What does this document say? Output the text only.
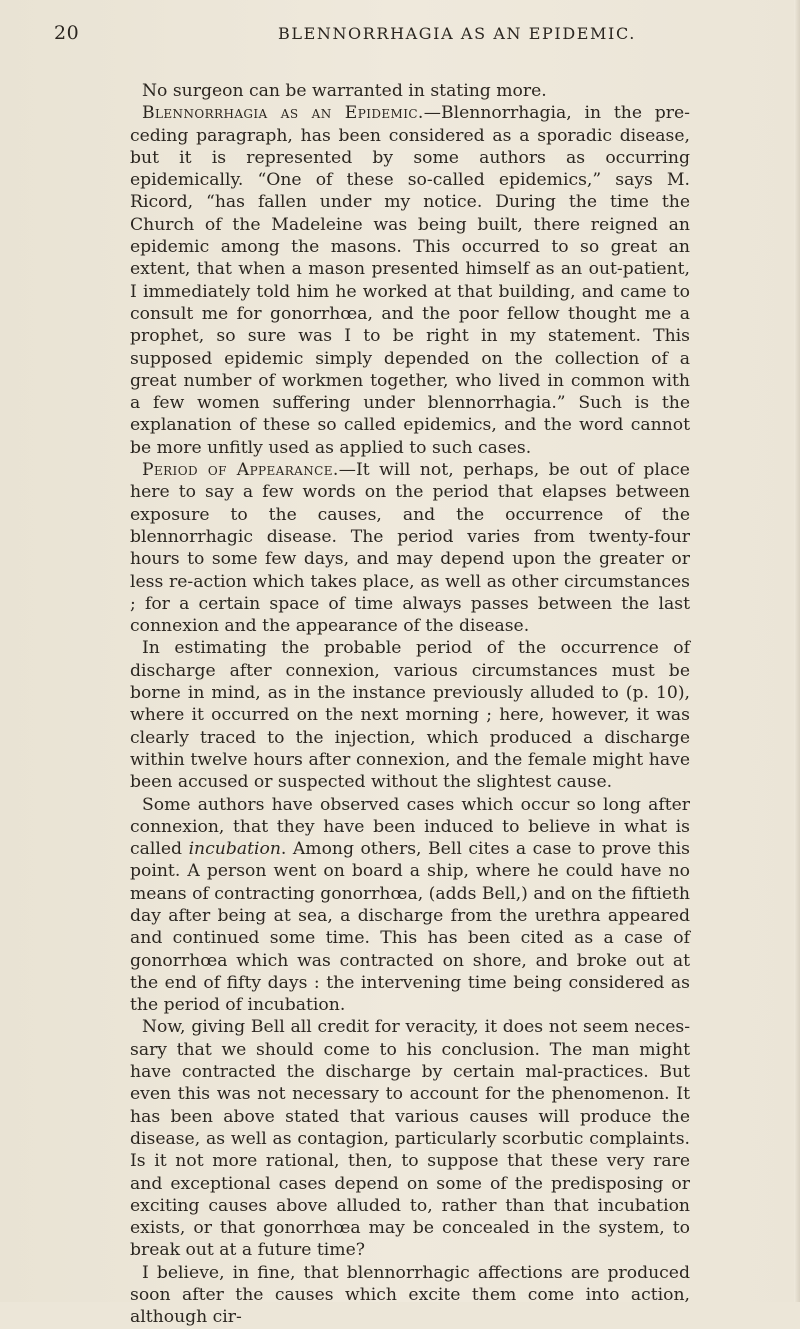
20	BLENNORRHAGIA AS AN EPIDEMIC.

No surgeon can be warranted in stating more.

Blennorrhagia as an Epidemic.—Blennorrhagia, in the preceding paragraph, has been considered as a sporadic disease, but it is represented by some authors as occurring epidemically. “One of these so-called epidemics,” says M. Ricord, “has fallen under my notice. During the time the Church of the Madeleine was being built, there reigned an epidemic among the masons. This occurred to so great an extent, that when a mason presented himself as an out-patient, I immediately told him he worked at that building, and came to consult me for gonorrhœa, and the poor fellow thought me a prophet, so sure was I to be right in my statement. This supposed epidemic simply depended on the collection of a great number of workmen together, who lived in common with a few women suffering under blennorrhagia.” Such is the explanation of these so called epidemics, and the word cannot be more unfitly used as applied to such cases.

Period of Appearance.—It will not, perhaps, be out of place here to say a few words on the period that elapses between exposure to the causes, and the occurrence of the blennorrhagic disease. The period varies from twenty-four hours to some few days, and may depend upon the greater or less re-action which takes place, as well as other circumstances ; for a certain space of time always passes between the last connexion and the appearance of the disease.

In estimating the probable period of the occurrence of discharge after connexion, various circumstances must be borne in mind, as in the instance previously alluded to (p. 10), where it occurred on the next morning ; here, however, it was clearly traced to the injection, which produced a discharge within twelve hours after connexion, and the female might have been accused or suspected without the slightest cause.

Some authors have observed cases which occur so long after connexion, that they have been induced to believe in what is called incubation. Among others, Bell cites a case to prove this point. A person went on board a ship, where he could have no means of contracting gonorrhœa, (adds Bell,) and on the fiftieth day after being at sea, a discharge from the urethra appeared and continued some time. This has been cited as a case of gonorrhœa which was contracted on shore, and broke out at the end of fifty days : the intervening time being considered as the period of incubation.

Now, giving Bell all credit for veracity, it does not seem necessary that we should come to his conclusion. The man might have contracted the discharge by certain mal-practices. But even this was not necessary to account for the phenomenon. It has been above stated that various causes will produce the disease, as well as contagion, particularly scorbutic complaints. Is it not more rational, then, to suppose that these very rare and exceptional cases depend on some of the predisposing or exciting causes above alluded to, rather than that incubation exists, or that gonorrhœa may be concealed in the system, to break out at a future time?

I believe, in fine, that blennorrhagic affections are produced soon after the causes which excite them come into action, although cir-
